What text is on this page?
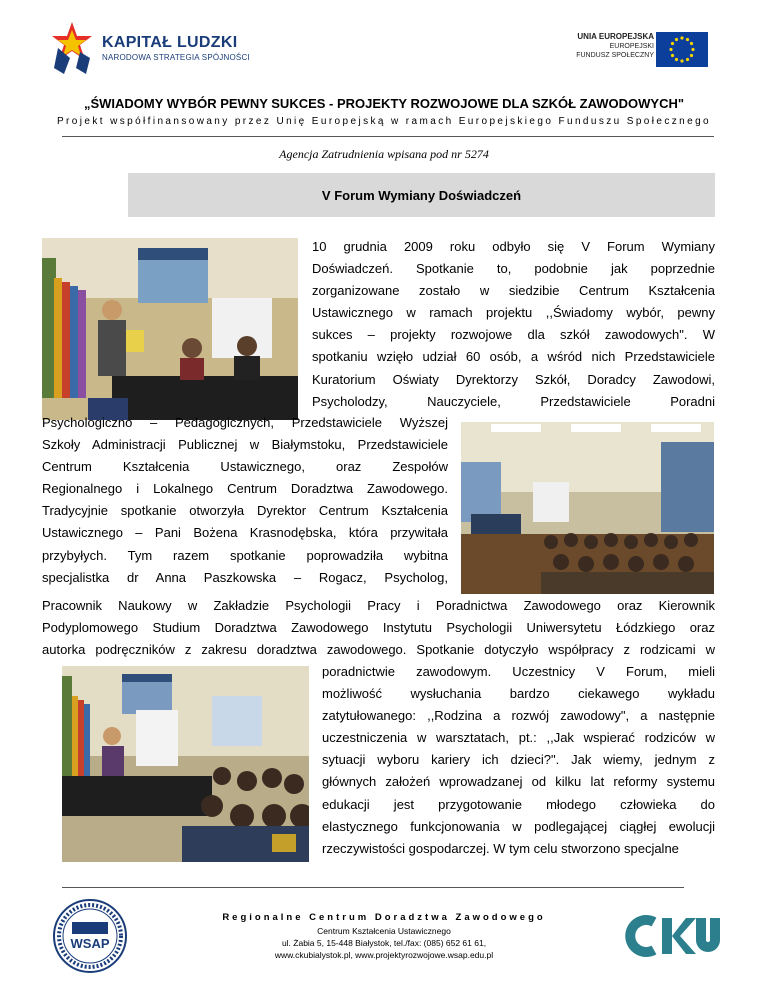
KAPITAŁ LUDZKI
NARODOWA STRATEGIA SPÓJNOŚCI
UNIA EUROPEJSKA
EUROPEJSKI
FUNDUSZ SPOŁECZNY
„ŚWIADOMY WYBÓR PEWNY SUKCES - PROJEKTY ROZWOJOWE DLA SZKÓŁ ZAWODOWYCH"
Projekt współfinansowany przez Unię Europejską w ramach Europejskiego Funduszu Społecznego
Agencja Zatrudnienia wpisana pod nr 5274
V Forum Wymiany Doświadczeń
10 grudnia 2009 roku odbyło się V Forum Wymiany
Doświadczeń. Spotkanie to, podobnie jak poprzednie
zorganizowane zostało w siedzibie Centrum Kształcenia
Ustawicznego w ramach projektu ,,Świadomy wybór, pewny
sukces – projekty rozwojowe dla szkół zawodowych". W
spotkaniu wzięło udział 60 osób, a wśród nich Przedstawiciele
Kuratorium Oświaty Dyrektorzy Szkół, Doradcy Zawodowi,
Psycholodzy, Nauczyciele, Przedstawiciele Poradni
Psychologiczno – Pedagogicznych, Przedstawiciele Wyższej
Szkoły Administracji Publicznej w Białymstoku, Przedstawiciele
Centrum Kształcenia Ustawicznego, oraz Zespołów
Regionalnego i Lokalnego Centrum Doradztwa Zawodowego.
Tradycyjnie spotkanie otworzyła Dyrektor Centrum Kształcenia
Ustawicznego – Pani Bożena Krasnodębska, która przywitała
przybyłych. Tym razem spotkanie poprowadziła wybitna
specjalistka dr Anna Paszkowska – Rogacz, Psycholog,
Pracownik Naukowy w Zakładzie Psychologii Pracy i Poradnictwa Zawodowego oraz Kierownik
Podyplomowego Studium Doradztwa Zawodowego Instytutu Psychologii Uniwersytetu Łódzkiego oraz
autorka podręczników z zakresu doradztwa zawodowego. Spotkanie dotyczyło współpracy z rodzicami w
poradnictwie zawodowym. Uczestnicy V Forum, mieli
możliwość wysłuchania bardzo ciekawego wykładu
zatytułowanego: ,,Rodzina a rozwój zawodowy", a następnie
uczestniczenia w warsztatach, pt.: ,,Jak wspierać rodziców w
sytuacji wyboru kariery ich dzieci?". Jak wiemy, jednym z
głównych założeń wprowadzanej od kilku lat reformy systemu
edukacji jest przygotowanie młodego człowieka do
elastycznego funkcjonowania w podlegającej ciągłej ewolucji
rzeczywistości gospodarczej. W tym celu stworzono specjalne
WSAP
Regionalne Centrum Doradztwa Zawodowego
Centrum Kształcenia Ustawicznego
ul. Żabia 5, 15-448 Białystok, tel./fax: (085) 652 61 61,
www.ckubialystok.pl, www.projektyrozwojowe.wsap.edu.pl
